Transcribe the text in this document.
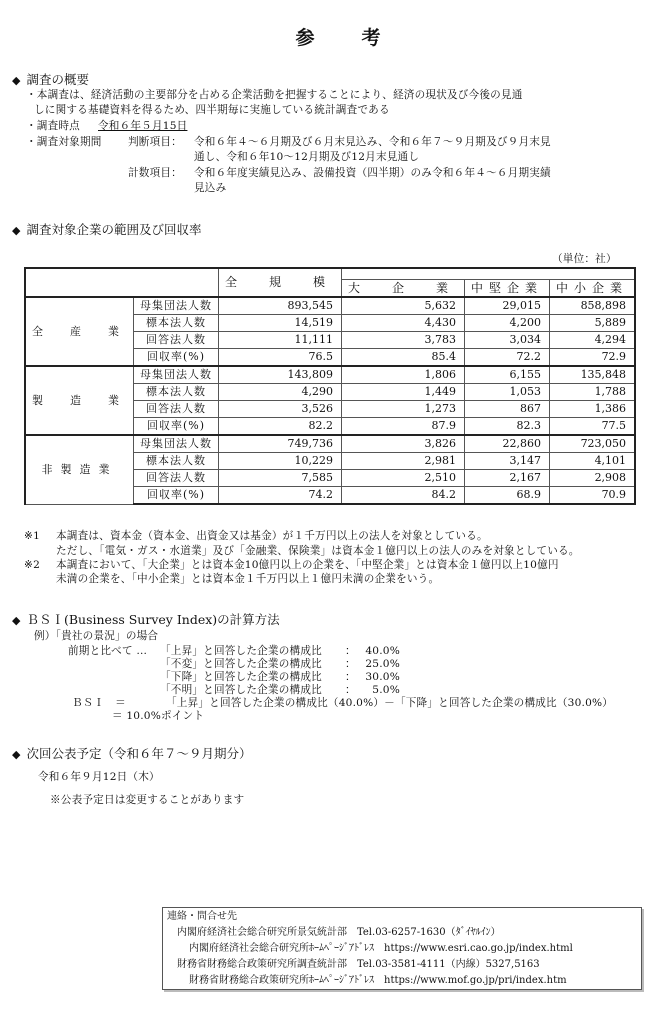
参　考
◆ 調査の概要
・本調査は、経済活動の主要部分を占める企業活動を把握することにより、経済の現状及び今後の見通
しに関する基礎資料を得るため、四半期毎に実施している統計調査である
・調査時点 令和６年５月15日
・調査対象期間 判断項目： 令和６年４～６月期及び６月末見込み、令和６年７～９月期及び９月末見
通し、令和６年10～12月期及び12月末見通し
計数項目： 令和６年度実績見込み、設備投資（四半期）のみ令和６年４～６月期実績
見込み
◆ 調査対象企業の範囲及び回収率
（単位：社）
		全　規　模			
			大　企　業	中堅企業	中小企業
全　産　業	母集団法人数	893,545	5,632	29,015	858,898
	標本法人数	14,519	4,430	4,200	5,889
	回答法人数	11,111	3,783	3,034	4,294
	回収率(%)	76.5	85.4	72.2	72.9
製　造　業	母集団法人数	143,809	1,806	6,155	135,848
	標本法人数	4,290	1,449	1,053	1,788
	回答法人数	3,526	1,273	867	1,386
	回収率(%)	82.2	87.9	82.3	77.5
非製造業	母集団法人数	749,736	3,826	22,860	723,050
	標本法人数	10,229	2,981	3,147	4,101
	回答法人数	7,585	2,510	2,167	2,908
	回収率(%)	74.2	84.2	68.9	70.9
※1 本調査は、資本金（資本金、出資金又は基金）が１千万円以上の法人を対象としている。
ただし、「電気・ガス・水道業」及び「金融業、保険業」は資本金１億円以上の法人のみを対象としている。
※2 本調査において、「大企業」とは資本金10億円以上の企業を、「中堅企業」とは資本金１億円以上10億円
未満の企業を、「中小企業」とは資本金１千万円以上１億円未満の企業をいう。
◆ ＢＳＩ(Business Survey Index)の計算方法
例）「貴社の景況」の場合
前期と比べて … 「上昇」と回答した企業の構成比 ： 40.0%
「不変」と回答した企業の構成比 ： 25.0%
「下降」と回答した企業の構成比 ： 30.0%
「不明」と回答した企業の構成比 ：	5.0%
ＢＳＩ　＝	「上昇」と回答した企業の構成比（40.0%）－「下降」と回答した企業の構成比（30.0%）
＝ 10.0%ポイント
◆ 次回公表予定（令和６年７～９月期分）
令和６年９月12日（木）
※公表予定日は変更することがあります
連絡・問合せ先
内閣府経済社会総合研究所景気統計部　Tel.03-6257-1630（ﾀﾞｲﾔﾙｲﾝ）
内閣府経済社会総合研究所ﾎｰﾑﾍﾟｰｼﾞｱﾄﾞﾚｽ　https://www.esri.cao.go.jp/index.html
財務省財務総合政策研究所調査統計部　Tel.03-3581-4111（内線）5327,5163
財務省財務総合政策研究所ﾎｰﾑﾍﾟｰｼﾞｱﾄﾞﾚｽ　https://www.mof.go.jp/pri/index.htm
